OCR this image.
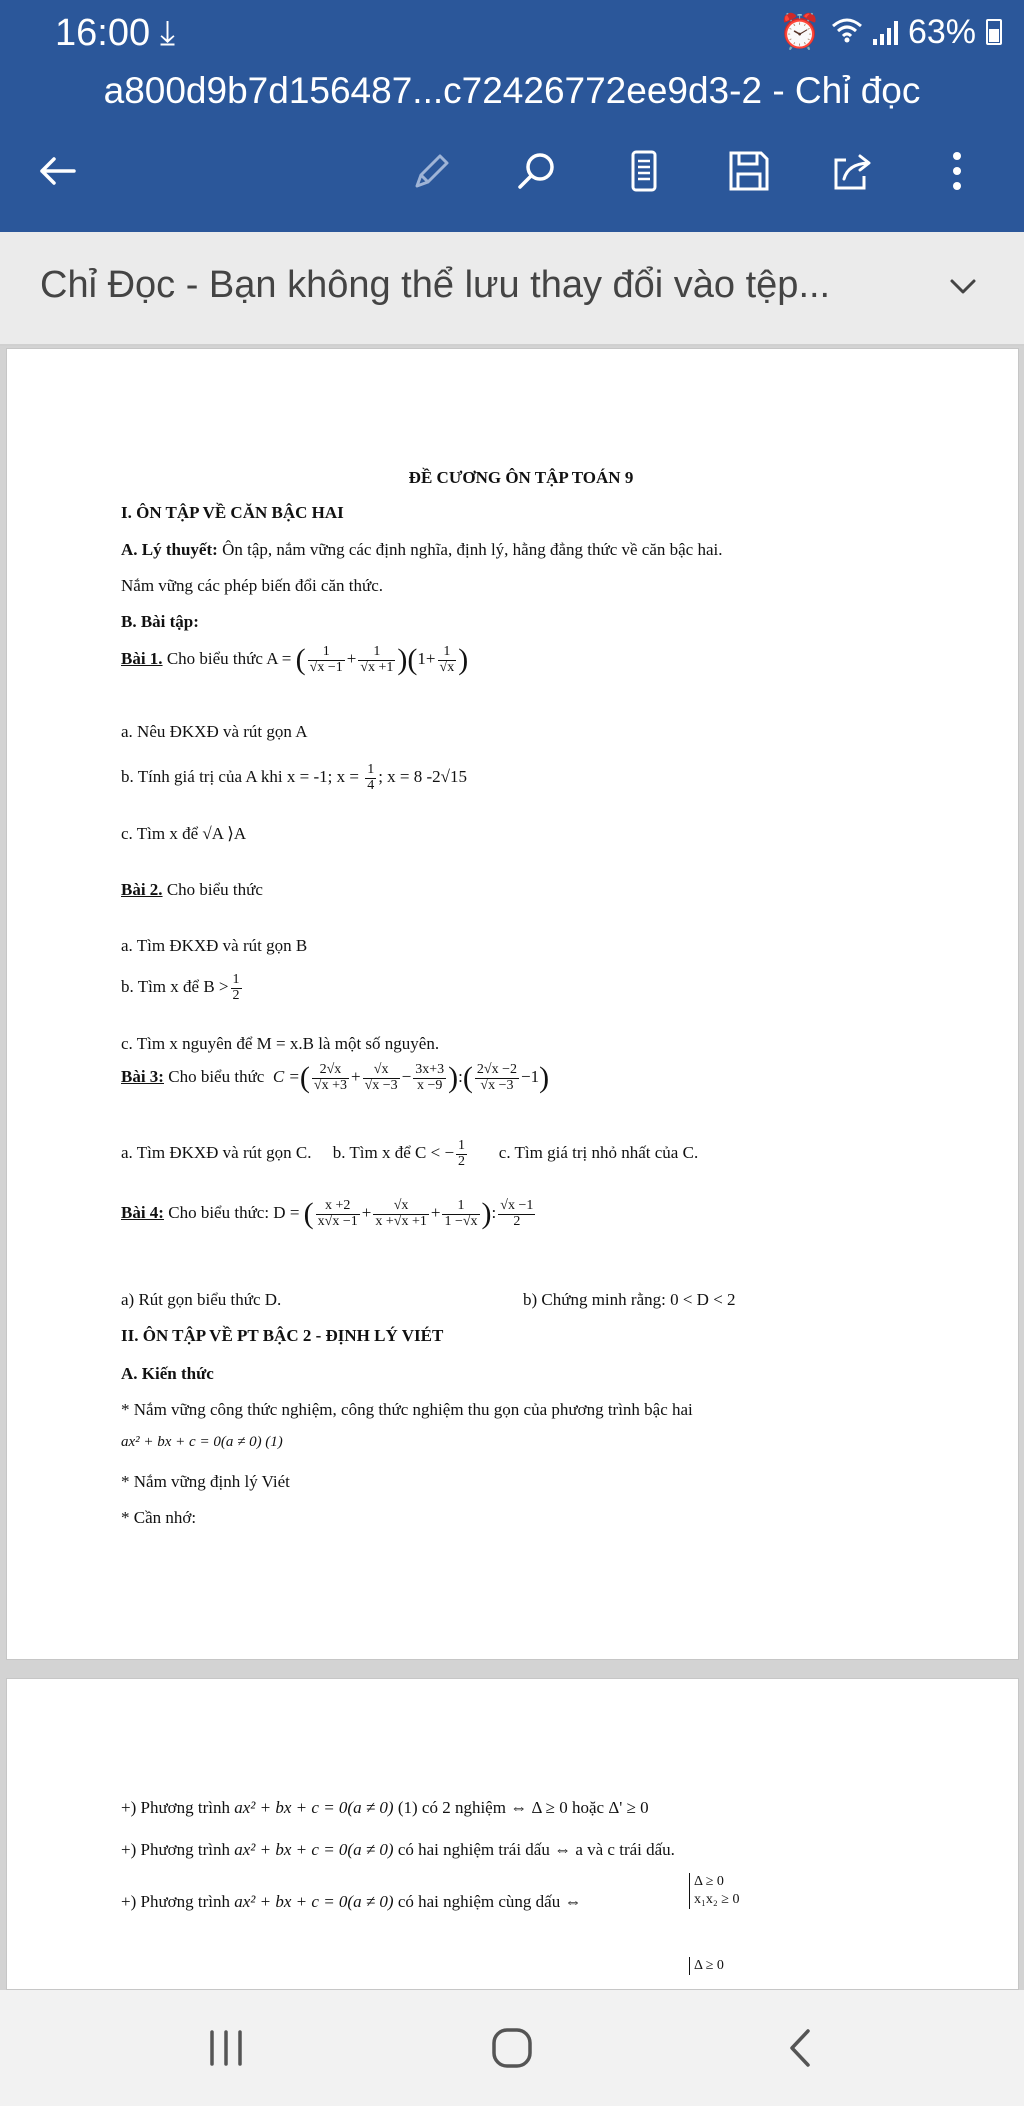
16:00 ⤓	⏰	63%
a800d9b7d156487...c72426772ee9d3-2 - Chỉ đọc
Chỉ Đọc - Bạn không thể lưu thay đổi vào tệp...
ĐỀ CƯƠNG ÔN TẬP TOÁN 9
I. ÔN TẬP VỀ CĂN BẬC HAI
A. Lý thuyết: Ôn tập, nắm vững các định nghĩa, định lý, hằng đẳng thức về căn bậc hai.
Nắm vững các phép biến đổi căn thức.
B. Bài tập:
Bài 1. Cho biểu thức A = ( $\frac{1}{√x -1} + \frac{1}{√x +1} )(1+ \frac{1}{√x}$ )
a. Nêu ĐKXĐ và rút gọn A
b. Tính giá trị của A khi x = -1; $x = \frac{1}{4}$ ; x = 8 -2√15
c. Tìm x để √A ⟩A
Bài 2. Cho biểu thức
a. Tìm ĐKXĐ và rút gọn B
b. Tìm x để $B > \frac{1}{2}$
c. Tìm x nguyên để M = x.B là một số nguyên.
Bài 3: Cho biểu thức  C =( $\frac{2√x}{√x +3} + \frac{√x}{√x -3} - \frac{3x+3}{x -9}$ ):( $\frac{2√x -2}{√x -3} -1$)
a. Tìm ĐKXĐ và rút gọn C. b. Tìm x để C < − $\frac{1}{2} c$. Tìm giá trị nhỏ nhất của C.
Bài 4: Cho biểu thức: D = ( $\frac{x +2}{x√x -1} + \frac{√x}{x +√x +1} + \frac{1}{1 -√x}$ ): $\frac{√x -1}{2}$
a) Rút gọn biểu thức D.	b) Chứng minh rằng: 0 < D < 2
II. ÔN TẬP VỀ PT BẬC 2 - ĐỊNH LÝ VIÉT
A. Kiến thức
* Nắm vững công thức nghiệm, công thức nghiệm thu gọn của phương trình bậc hai
ax² + bx + c = 0(a ≠ 0) (1)
* Nắm vững định lý Viét
* Cần nhớ:
+) Phương trình ax² + bx + c = 0(a ≠ 0) (1) có 2 nghiệm ⇔ Δ ≥ 0 hoặc Δ' ≥ 0
+) Phương trình ax² + bx + c = 0(a ≠ 0) có hai nghiệm trái dấu ⇔ a và c trái dấu.
+) Phương trình ax² + bx + c = 0(a ≠ 0) có hai nghiệm cùng dấu ⇔
Δ ≥ 0
x₁x₂ ≥ 0
Δ ≥ 0
